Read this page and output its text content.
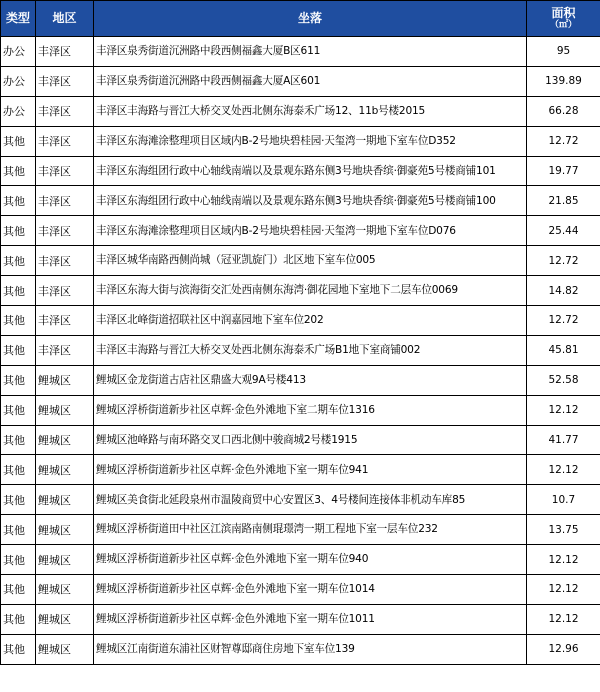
类型	地区	坐落	面积
（㎡）

办公	丰泽区	丰泽区泉秀街道沉洲路中段西侧福鑫大厦B区611	95
办公	丰泽区	丰泽区泉秀街道沉洲路中段西侧福鑫大厦A区601	139.89
办公	丰泽区	丰泽区丰海路与晋江大桥交叉处西北侧东海泰禾广场12、11b号楼2015	66.28
其他	丰泽区	丰泽区东海滩涂整理项目区域内B-2号地块碧桂园·天玺湾一期地下室车位D352	12.72
其他	丰泽区	丰泽区东海组团行政中心轴线南端以及景观东路东侧3号地块香缤·御豪苑5号楼商铺101	19.77
其他	丰泽区	丰泽区东海组团行政中心轴线南端以及景观东路东侧3号地块香缤·御豪苑5号楼商铺100	21.85
其他	丰泽区	丰泽区东海滩涂整理项目区域内B-2号地块碧桂园·天玺湾一期地下室车位D076	25.44
其他	丰泽区	丰泽区城华南路西侧尚城（冠亚凯旋门）北区地下室车位005	12.72
其他	丰泽区	丰泽区东海大街与滨海街交汇处西南侧东海湾·御花园地下室地下二层车位0069	14.82
其他	丰泽区	丰泽区北峰街道招联社区中润嘉园地下室车位202	12.72
其他	丰泽区	丰泽区丰海路与晋江大桥交叉处西北侧东海泰禾广场B1地下室商铺002	45.81
其他	鲤城区	鲤城区金龙街道古店社区鼎盛大观9A号楼413	52.58
其他	鲤城区	鲤城区浮桥街道新步社区卓辉·金色外滩地下室二期车位1316	12.12
其他	鲤城区	鲤城区池峰路与南环路交叉口西北侧中骏商城2号楼1915	41.77
其他	鲤城区	鲤城区浮桥街道新步社区卓辉·金色外滩地下室一期车位941	12.12
其他	鲤城区	鲤城区美食街北延段泉州市温陵商贸中心安置区3、4号楼间连接体非机动车库85	10.7
其他	鲤城区	鲤城区浮桥街道田中社区江滨南路南侧琨璟湾一期工程地下室一层车位232	13.75
其他	鲤城区	鲤城区浮桥街道新步社区卓辉·金色外滩地下室一期车位940	12.12
其他	鲤城区	鲤城区浮桥街道新步社区卓辉·金色外滩地下室一期车位1014	12.12
其他	鲤城区	鲤城区浮桥街道新步社区卓辉·金色外滩地下室一期车位1011	12.12
其他	鲤城区	鲤城区江南街道东浦社区财智尊邸商住房地下室车位139	12.96
